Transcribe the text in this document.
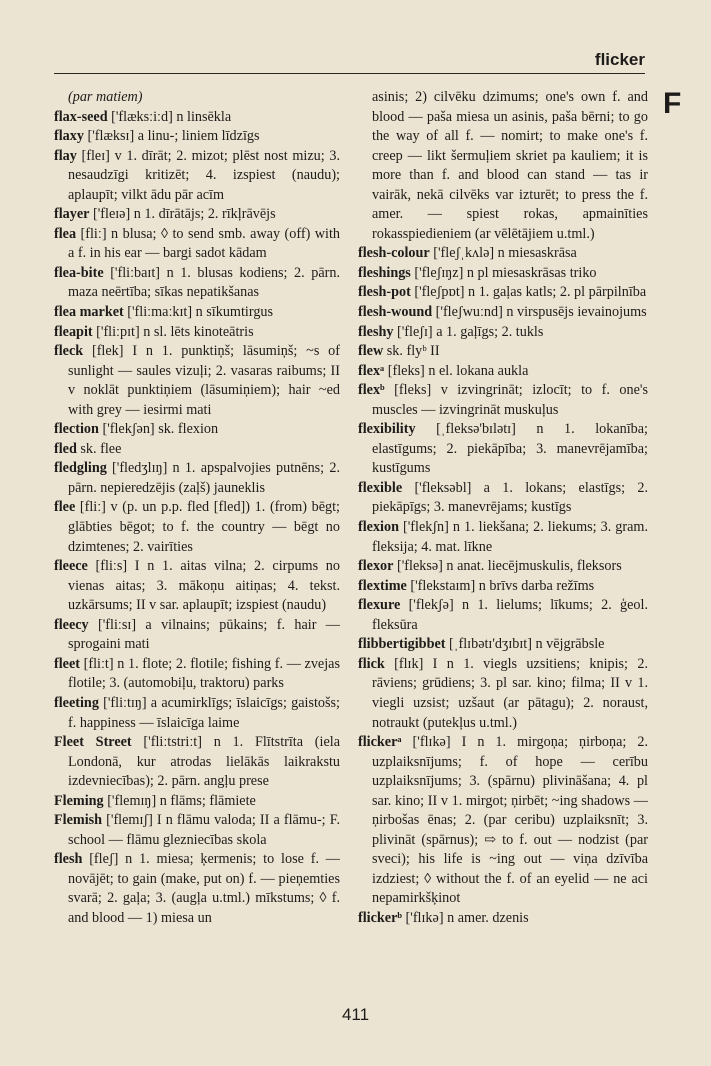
flicker
F

(par matiem)

flax-seed ['flæksːiːd] n linsēkla

flaxy ['flæksɪ] a linu-; liniem līdzīgs

flay [fleɪ] v 1. dīrāt; 2. mizot; plēst nost mizu; 3. nesaudzīgi kritizēt; 4. izspiest (naudu); aplaupīt; vilkt ādu pār acīm

flayer ['fleɪə] n 1. dīrātājs; 2. rīkļrāvējs

flea [fliː] n blusa; ◊ to send smb. away (off) with a f. in his ear — bargi sadot kādam

flea-bite ['fliːbaɪt] n 1. blusas kodiens; 2. pārn. maza neērtība; sīkas nepatikšanas

flea market ['fliːmaːkɪt] n sīkumtirgus

fleapit ['fliːpɪt] n sl. lēts kinoteātris

fleck [flek] I n 1. punktiņš; lāsumiņš; ~s of sunlight — saules vizuļi; 2. vasaras raibums; II v noklāt punktiņiem (lāsumiņiem); hair ~ed with grey — iesirmi mati

flection ['flekʃən] sk. flexion

fled sk. flee

fledgling ['fledʒlɪŋ] n 1. apspalvojies putnēns; 2. pārn. nepieredzējis (zaļš) jauneklis

flee [fliː] v (p. un p.p. fled [fled]) 1. (from) bēgt; glābties bēgot; to f. the country — bēgt no dzimtenes; 2. vairīties

fleece [fliːs] I n 1. aitas vilna; 2. cirpums no vienas aitas; 3. mākoņu aitiņas; 4. tekst. uzkārsums; II v sar. aplaupīt; izspiest (naudu)

fleecy ['fliːsɪ] a vilnains; pūkains; f. hair — sprogaini mati

fleet [fliːt] n 1. flote; 2. flotile; fishing f. — zvejas flotile; 3. (automobiļu, traktoru) parks

fleeting ['fliːtɪŋ] a acumirklīgs; īslaicīgs; gaistošs; f. happiness — īslaicīga laime

Fleet Street ['fliːtstriːt] n 1. Flītstrīta (iela Londonā, kur atrodas lielākās laikrakstu izdevniecības); 2. pārn. angļu prese

Fleming ['flemɪŋ] n flāms; flāmiete

Flemish ['flemɪʃ] I n flāmu valoda; II a flāmu-; F. school — flāmu glezniecības skola

flesh [fleʃ] n 1. miesa; ķermenis; to lose f. — novājēt; to gain (make, put on) f. — pieņemties svarā; 2. gaļa; 3. (augļa u.tml.) mīkstums; ◊ f. and blood — 1) miesa un

asinis; 2) cilvēku dzimums; one's own f. and blood — paša miesa un asinis, paša bērni; to go the way of all f. — nomirt; to make one's f. creep — likt šermuļiem skriet pa kauliem; it is more than f. and blood can stand — tas ir vairāk, nekā cilvēks var izturēt; to press the f. amer. — spiest rokas, apmainīties rokasspiedieniem (ar vēlētājiem u.tml.)

flesh-colour ['fleʃˌkʌlə] n miesaskrāsa

fleshings ['fleʃɪŋz] n pl miesaskrāsas triko

flesh-pot ['fleʃpɒt] n 1. gaļas katls; 2. pl pārpilnība

flesh-wound ['fleʃwuːnd] n virspusējs ievainojums

fleshy ['fleʃɪ] a 1. gaļīgs; 2. tukls

flew sk. flyᵇ II

flexᵃ [fleks] n el. lokana aukla

flexᵇ [fleks] v izvingrināt; izlocīt; to f. one's muscles — izvingrināt muskuļus

flexibility [ˌfleksə'bɪlətɪ] n 1. lokanība; elastīgums; 2. piekāpība; 3. manevrējamība; kustīgums

flexible ['fleksəbl] a 1. lokans; elastīgs; 2. piekāpīgs; 3. manevrējams; kustīgs

flexion ['flekʃn] n 1. liekšana; 2. liekums; 3. gram. fleksija; 4. mat. līkne

flexor ['fleksə] n anat. liecējmuskulis, fleksors

flextime ['flekstaɪm] n brīvs darba režīms

flexure ['flekʃə] n 1. lielums; līkums; 2. ģeol. fleksūra

flibbertigibbet [ˌflɪbətɪ'dʒɪbɪt] n vējgrābsle

flick [flɪk] I n 1. viegls uzsitiens; knipis; 2. rāviens; grūdiens; 3. pl sar. kino; filma; II v 1. viegli uzsist; uzšaut (ar pātagu); 2. noraust, notraukt (putekļus u.tml.)

flickerᵃ ['flɪkə] I n 1. mirgoņa; ņirboņa; 2. uzplaiksnījums; f. of hope — cerību uzplaiksnījums; 3. (spārnu) plivināšana; 4. pl sar. kino; II v 1. mirgot; ņirbēt; ~ing shadows — ņirbošas ēnas; 2. (par ceribu) uzplaiksnīt; 3. plivināt (spārnus); ⇨ to f. out — nodzist (par sveci); his life is ~ing out — viņa dzīvība izdziest; ◊ without the f. of an eyelid — ne aci nepamirkšķinot

flickerᵇ ['flɪkə] n amer. dzenis

411
